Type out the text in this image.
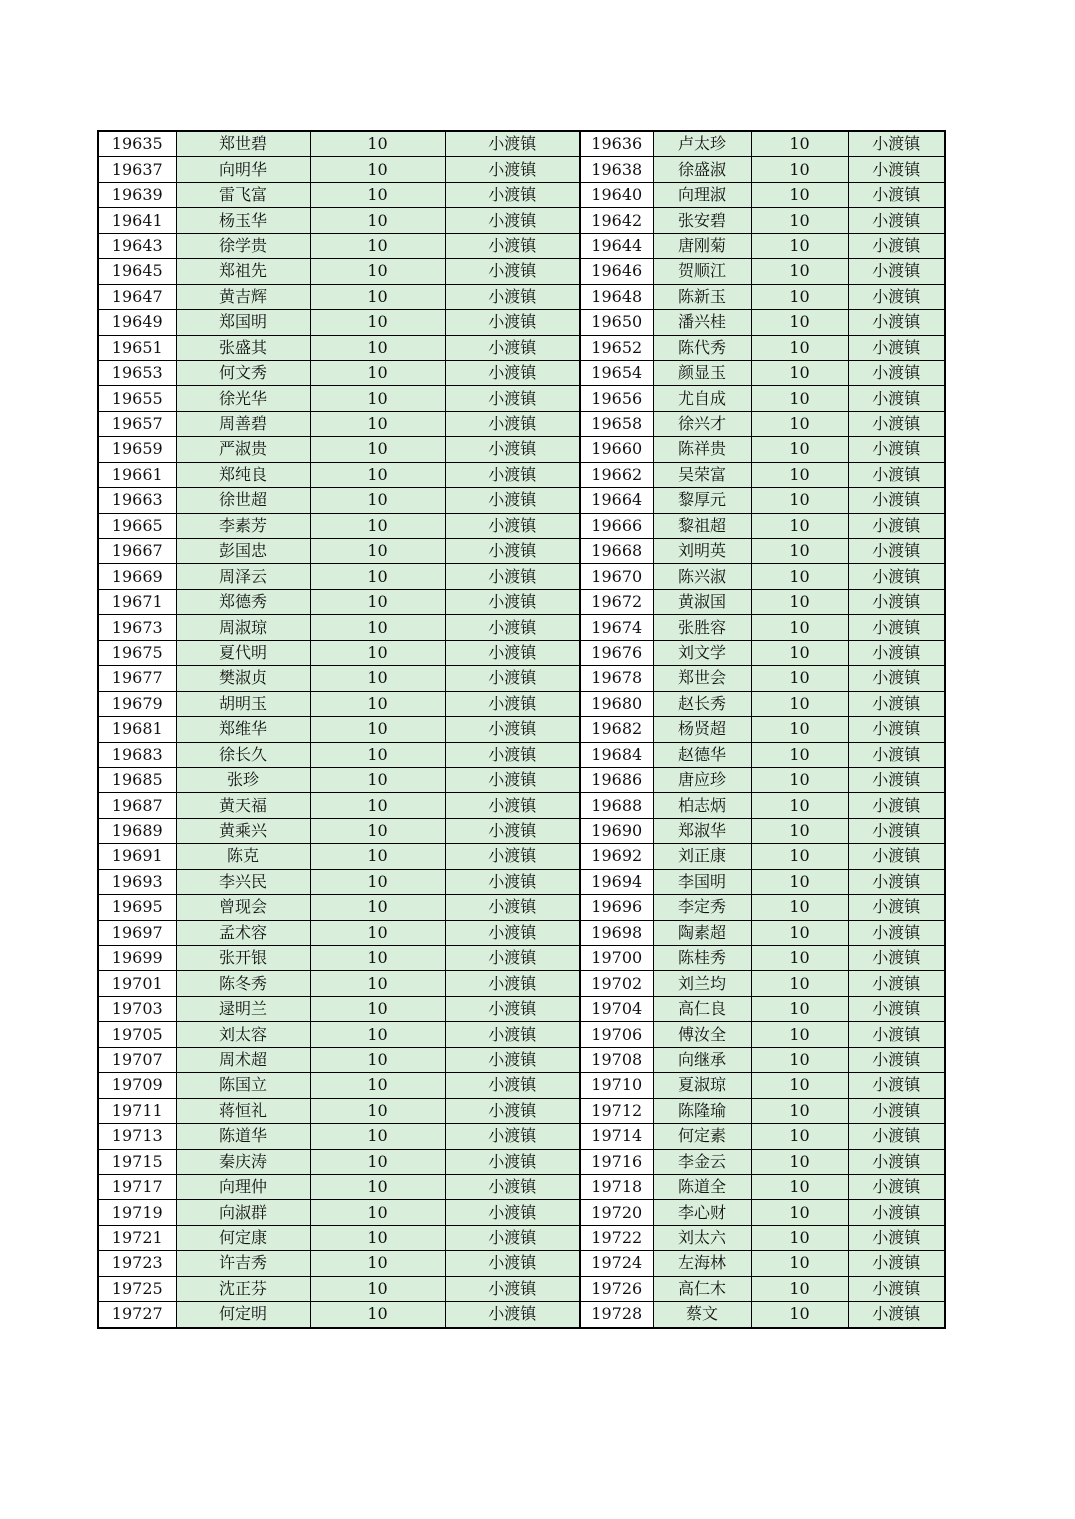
19635	郑世碧	10	小渡镇	19636	卢太珍	10	小渡镇
19637	向明华	10	小渡镇	19638	徐盛淑	10	小渡镇
19639	雷飞富	10	小渡镇	19640	向理淑	10	小渡镇
19641	杨玉华	10	小渡镇	19642	张安碧	10	小渡镇
19643	徐学贵	10	小渡镇	19644	唐刚菊	10	小渡镇
19645	郑祖先	10	小渡镇	19646	贺顺江	10	小渡镇
19647	黄吉辉	10	小渡镇	19648	陈新玉	10	小渡镇
19649	郑国明	10	小渡镇	19650	潘兴桂	10	小渡镇
19651	张盛其	10	小渡镇	19652	陈代秀	10	小渡镇
19653	何文秀	10	小渡镇	19654	颜显玉	10	小渡镇
19655	徐光华	10	小渡镇	19656	尤自成	10	小渡镇
19657	周善碧	10	小渡镇	19658	徐兴才	10	小渡镇
19659	严淑贵	10	小渡镇	19660	陈祥贵	10	小渡镇
19661	郑纯良	10	小渡镇	19662	吴荣富	10	小渡镇
19663	徐世超	10	小渡镇	19664	黎厚元	10	小渡镇
19665	李素芳	10	小渡镇	19666	黎祖超	10	小渡镇
19667	彭国忠	10	小渡镇	19668	刘明英	10	小渡镇
19669	周泽云	10	小渡镇	19670	陈兴淑	10	小渡镇
19671	郑德秀	10	小渡镇	19672	黄淑国	10	小渡镇
19673	周淑琼	10	小渡镇	19674	张胜容	10	小渡镇
19675	夏代明	10	小渡镇	19676	刘文学	10	小渡镇
19677	樊淑贞	10	小渡镇	19678	郑世会	10	小渡镇
19679	胡明玉	10	小渡镇	19680	赵长秀	10	小渡镇
19681	郑维华	10	小渡镇	19682	杨贤超	10	小渡镇
19683	徐长久	10	小渡镇	19684	赵德华	10	小渡镇
19685	张珍	10	小渡镇	19686	唐应珍	10	小渡镇
19687	黄天福	10	小渡镇	19688	柏志炳	10	小渡镇
19689	黄乘兴	10	小渡镇	19690	郑淑华	10	小渡镇
19691	陈克	10	小渡镇	19692	刘正康	10	小渡镇
19693	李兴民	10	小渡镇	19694	李国明	10	小渡镇
19695	曾现会	10	小渡镇	19696	李定秀	10	小渡镇
19697	孟术容	10	小渡镇	19698	陶素超	10	小渡镇
19699	张开银	10	小渡镇	19700	陈桂秀	10	小渡镇
19701	陈冬秀	10	小渡镇	19702	刘兰均	10	小渡镇
19703	逯明兰	10	小渡镇	19704	高仁良	10	小渡镇
19705	刘太容	10	小渡镇	19706	傅汝全	10	小渡镇
19707	周术超	10	小渡镇	19708	向继承	10	小渡镇
19709	陈国立	10	小渡镇	19710	夏淑琼	10	小渡镇
19711	蒋恒礼	10	小渡镇	19712	陈隆瑜	10	小渡镇
19713	陈道华	10	小渡镇	19714	何定素	10	小渡镇
19715	秦庆涛	10	小渡镇	19716	李金云	10	小渡镇
19717	向理仲	10	小渡镇	19718	陈道全	10	小渡镇
19719	向淑群	10	小渡镇	19720	李心财	10	小渡镇
19721	何定康	10	小渡镇	19722	刘太六	10	小渡镇
19723	许吉秀	10	小渡镇	19724	左海林	10	小渡镇
19725	沈正芬	10	小渡镇	19726	高仁木	10	小渡镇
19727	何定明	10	小渡镇	19728	蔡文	10	小渡镇
